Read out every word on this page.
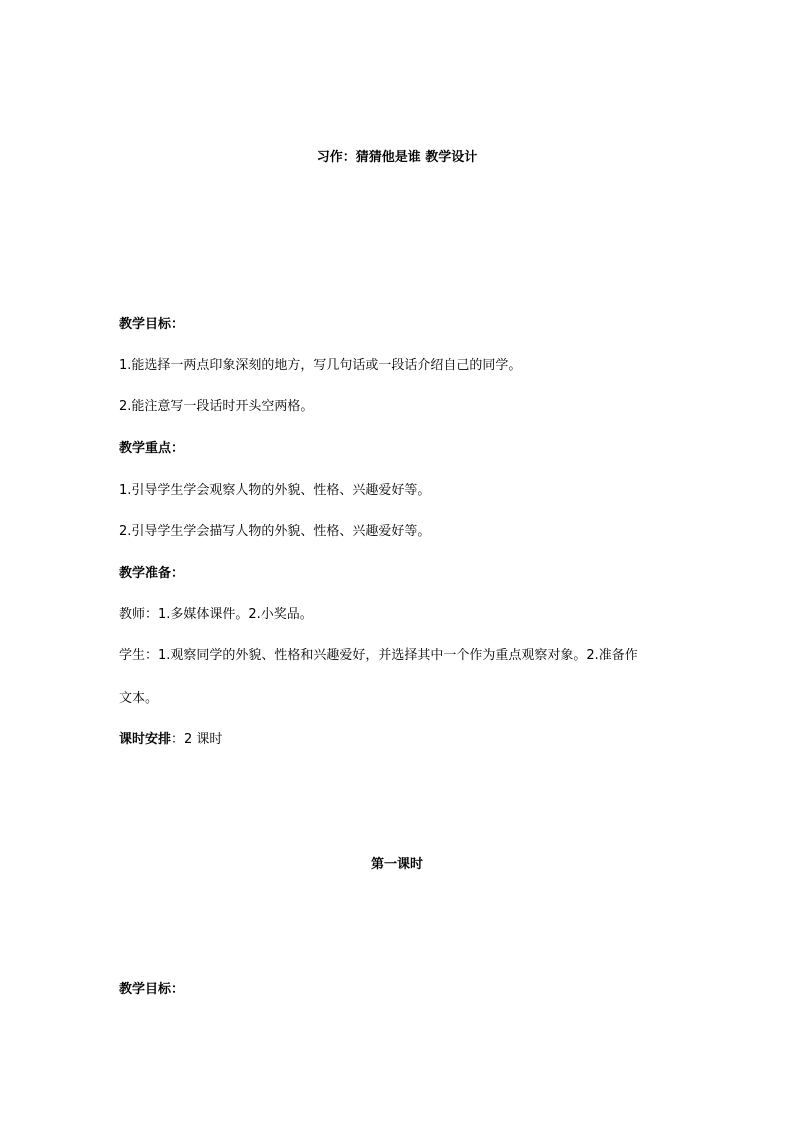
习作：猜猜他是谁 教学设计

教学目标：

1.能选择一两点印象深刻的地方，写几句话或一段话介绍自己的同学。

2.能注意写一段话时开头空两格。

教学重点：

1.引导学生学会观察人物的外貌、性格、兴趣爱好等。

2.引导学生学会描写人物的外貌、性格、兴趣爱好等。

教学准备：

教师：1.多媒体课件。2.小奖品。

学生：1.观察同学的外貌、性格和兴趣爱好，并选择其中一个作为重点观察对象。2.准备作

文本。

课时安排：2 课时

第一课时

教学目标：
